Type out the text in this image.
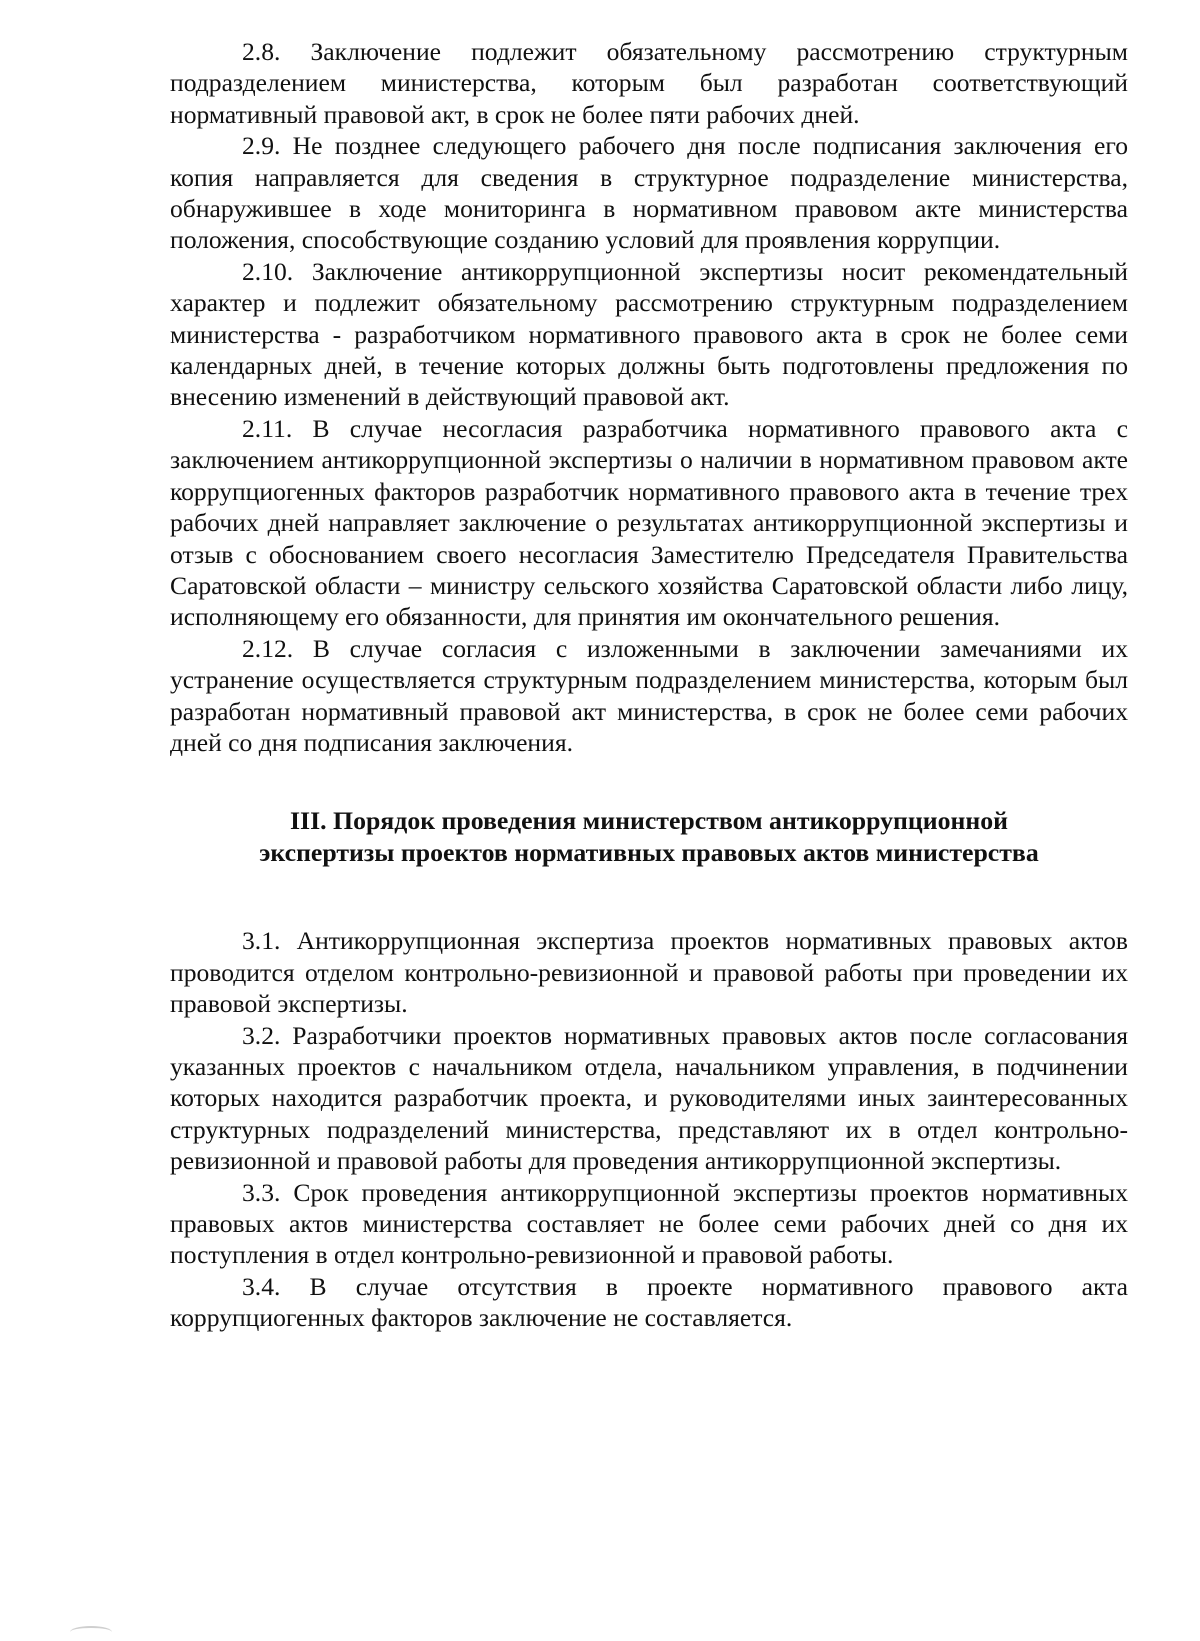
2.8. Заключение подлежит обязательному рассмотрению структурным подразделением министерства, которым был разработан соответствующий нормативный правовой акт, в срок не более пяти рабочих дней.

2.9. Не позднее следующего рабочего дня после подписания заключения его копия направляется для сведения в структурное подразделение министерства, обнаружившее в ходе мониторинга в нормативном правовом акте министерства положения, способствующие созданию условий для проявления коррупции.

2.10. Заключение антикоррупционной экспертизы носит рекомендательный характер и подлежит обязательному рассмотрению структурным подразделением министерства - разработчиком нормативного правового акта в срок не более семи календарных дней, в течение которых должны быть подготовлены предложения по внесению изменений в действующий правовой акт.

2.11. В случае несогласия разработчика нормативного правового акта с заключением антикоррупционной экспертизы о наличии в нормативном правовом акте коррупциогенных факторов разработчик нормативного правового акта в течение трех рабочих дней направляет заключение о результатах антикоррупционной экспертизы и отзыв с обоснованием своего несогласия Заместителю Председателя Правительства Саратовской области – министру сельского хозяйства Саратовской области либо лицу, исполняющему его обязанности, для принятия им окончательного решения.

2.12. В случае согласия с изложенными в заключении замечаниями их устранение осуществляется структурным подразделением министерства, которым был разработан нормативный правовой акт министерства, в срок не более семи рабочих дней со дня подписания заключения.

III. Порядок проведения министерством антикоррупционной
экспертизы проектов нормативных правовых актов министерства

3.1. Антикоррупционная экспертиза проектов нормативных правовых актов проводится отделом контрольно-ревизионной и правовой работы при проведении их правовой экспертизы.

3.2. Разработчики проектов нормативных правовых актов после согласования указанных проектов с начальником отдела, начальником управления, в подчинении которых находится разработчик проекта, и руководителями иных заинтересованных структурных подразделений министерства, представляют их в отдел контрольно-ревизионной и правовой работы для проведения антикоррупционной экспертизы.

3.3. Срок проведения антикоррупционной экспертизы проектов нормативных правовых актов министерства составляет не более семи рабочих дней со дня их поступления в отдел контрольно-ревизионной и правовой работы.

3.4. В случае отсутствия в проекте нормативного правового акта коррупциогенных факторов заключение не составляется.
